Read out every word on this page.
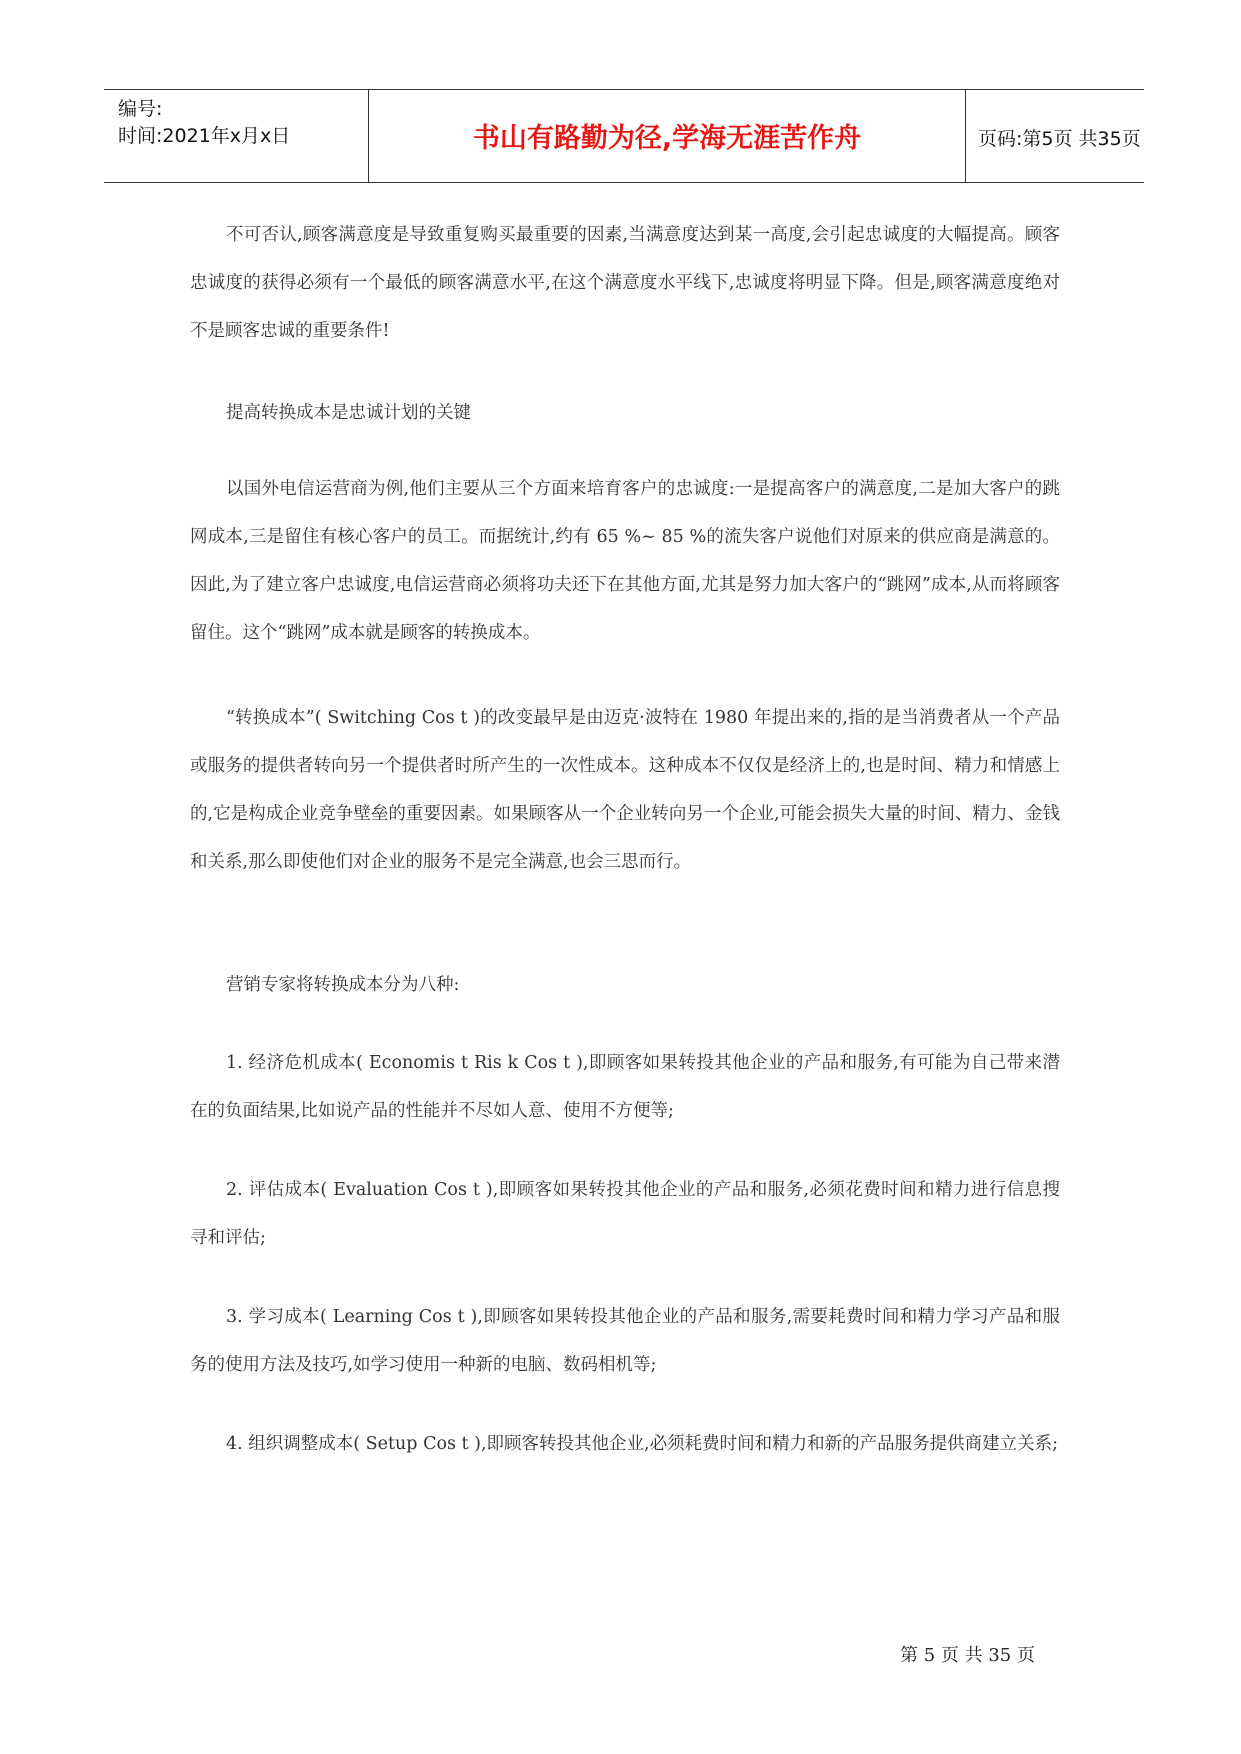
编号:
时间:2021年x月x日	书山有路勤为径,学海无涯苦作舟	页码:第5页 共35页

不可否认,顾客满意度是导致重复购买最重要的因素,当满意度达到某一高度,会引起忠诚度的大幅提高。顾客忠诚度的获得必须有一个最低的顾客满意水平,在这个满意度水平线下,忠诚度将明显下降。但是,顾客满意度绝对不是顾客忠诚的重要条件!

提高转换成本是忠诚计划的关键

以国外电信运营商为例,他们主要从三个方面来培育客户的忠诚度:一是提高客户的满意度,二是加大客户的跳网成本,三是留住有核心客户的员工。而据统计,约有 65 %~ 85 %的流失客户说他们对原来的供应商是满意的。因此,为了建立客户忠诚度,电信运营商必须将功夫还下在其他方面,尤其是努力加大客户的“跳网”成本,从而将顾客留住。这个“跳网”成本就是顾客的转换成本。

“转换成本”( Switching Cos t )的改变最早是由迈克·波特在 1980 年提出来的,指的是当消费者从一个产品或服务的提供者转向另一个提供者时所产生的一次性成本。这种成本不仅仅是经济上的,也是时间、精力和情感上的,它是构成企业竞争壁垒的重要因素。如果顾客从一个企业转向另一个企业,可能会损失大量的时间、精力、金钱和关系,那么即使他们对企业的服务不是完全满意,也会三思而行。

营销专家将转换成本分为八种:

1. 经济危机成本( Economis t Ris k Cos t ),即顾客如果转投其他企业的产品和服务,有可能为自己带来潜在的负面结果,比如说产品的性能并不尽如人意、使用不方便等;

2. 评估成本( Evaluation Cos t ),即顾客如果转投其他企业的产品和服务,必须花费时间和精力进行信息搜寻和评估;

3. 学习成本( Learning Cos t ),即顾客如果转投其他企业的产品和服务,需要耗费时间和精力学习产品和服务的使用方法及技巧,如学习使用一种新的电脑、数码相机等;

4. 组织调整成本( Setup Cos t ),即顾客转投其他企业,必须耗费时间和精力和新的产品服务提供商建立关系;

第 5 页 共 35 页
